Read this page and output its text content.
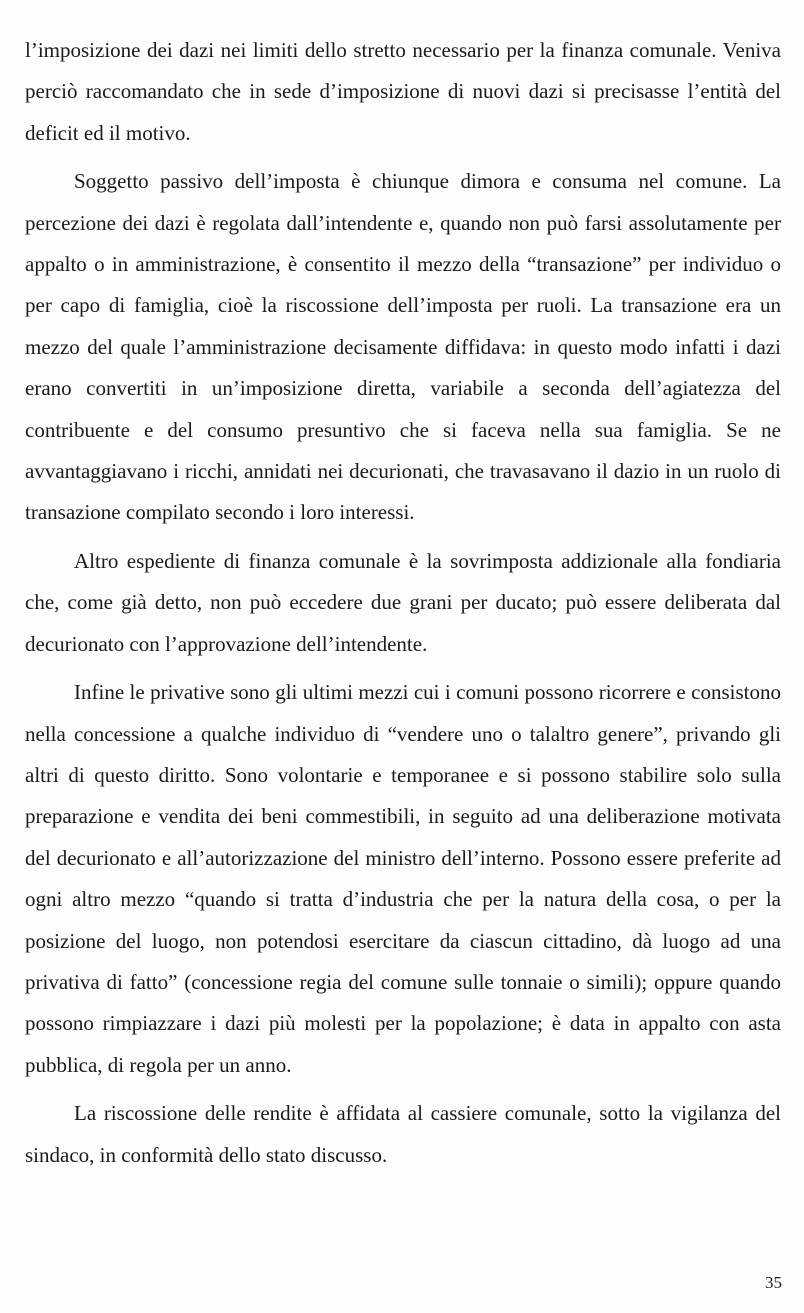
l’imposizione dei dazi nei limiti dello stretto necessario per la finanza comunale. Veniva perciò raccomandato che in sede d’imposizione di nuovi dazi si precisasse l’entità del deficit ed il motivo.

Soggetto passivo dell’imposta è chiunque dimora e consuma nel comune. La percezione dei dazi è regolata dall’intendente e, quando non può farsi assolutamente per appalto o in amministrazione, è consentito il mezzo della “transazione” per individuo o per capo di famiglia, cioè la riscossione dell’imposta per ruoli. La transazione era un mezzo del quale l’amministrazione decisamente diffidava: in questo modo infatti i dazi erano convertiti in un’imposizione diretta, variabile a seconda dell’agiatezza del contribuente e del consumo presuntivo che si faceva nella sua famiglia. Se ne avvantaggiavano i ricchi, annidati nei decurionati, che travasavano il dazio in un ruolo di transazione compilato secondo i loro interessi.

Altro espediente di finanza comunale è la sovrimposta addizionale alla fondiaria che, come già detto, non può eccedere due grani per ducato; può essere deliberata dal decurionato con l’approvazione dell’intendente.

Infine le privative sono gli ultimi mezzi cui i comuni possono ricorrere e consistono nella concessione a qualche individuo di “vendere uno o talaltro genere”, privando gli altri di questo diritto. Sono volontarie e temporanee e si possono stabilire solo sulla preparazione e vendita dei beni commestibili, in seguito ad una deliberazione motivata del decurionato e all’autorizzazione del ministro dell’interno. Possono essere preferite ad ogni altro mezzo “quando si tratta d’industria che per la natura della cosa, o per la posizione del luogo, non potendosi esercitare da ciascun cittadino, dà luogo ad una privativa di fatto” (concessione regia del comune sulle tonnaie o simili); oppure quando possono rimpiazzare i dazi più molesti per la popolazione; è data in appalto con asta pubblica, di regola per un anno.

La riscossione delle rendite è affidata al cassiere comunale, sotto la vigilanza del sindaco, in conformità dello stato discusso.

35
